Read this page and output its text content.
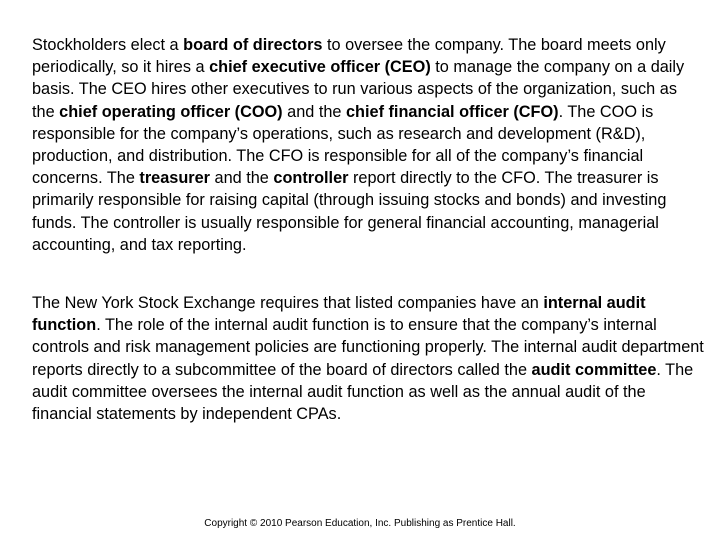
Stockholders elect a board of directors to oversee the company. The board meets only periodically, so it hires a chief executive officer (CEO) to manage the company on a daily basis. The CEO hires other executives to run various aspects of the organization, such as the chief operating officer (COO) and the chief financial officer (CFO). The COO is responsible for the company’s operations, such as research and development (R&D), production, and distribution. The CFO is responsible for all of the company’s financial concerns. The treasurer and the controller report directly to the CFO. The treasurer is primarily responsible for raising capital (through issuing stocks and bonds) and investing funds. The controller is usually responsible for general financial accounting, managerial accounting, and tax reporting.

The New York Stock Exchange requires that listed companies have an internal audit function. The role of the internal audit function is to ensure that the company’s internal controls and risk management policies are functioning properly. The internal audit department reports directly to a subcommittee of the board of directors called the audit committee. The audit committee oversees the internal audit function as well as the annual audit of the financial statements by independent CPAs.

Copyright © 2010 Pearson Education, Inc. Publishing as Prentice Hall.
